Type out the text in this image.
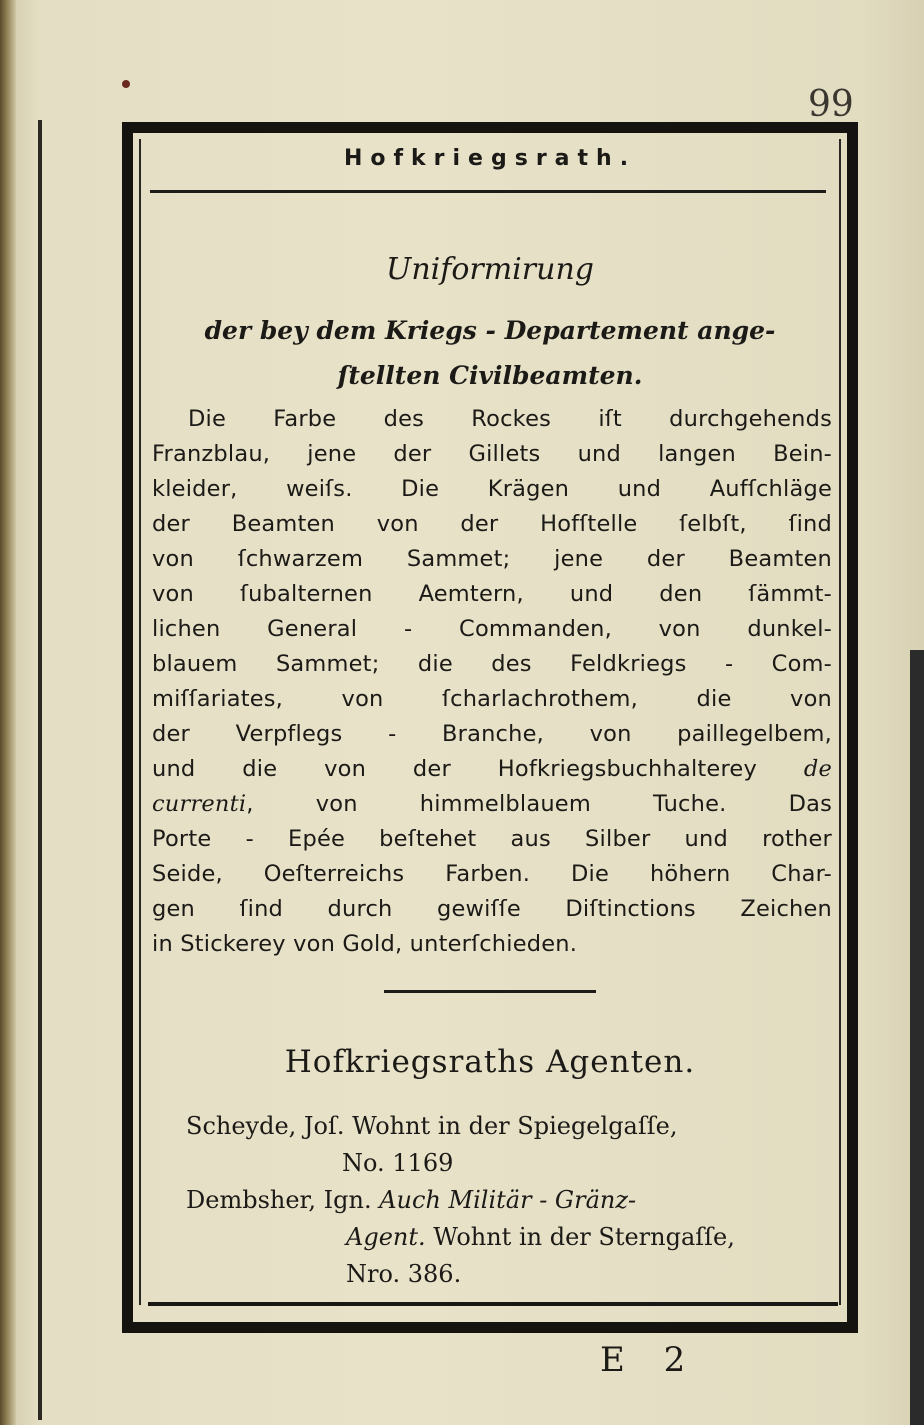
99
Hofkriegsrath.
Uniformirung
der bey dem Kriegs - Departement ange-
ſtellten Civilbeamten.
Die Farbe des Rockes iſt durchgehends
Franzblau, jene der Gillets und langen Bein-
kleider, weiſs. Die Krägen und Aufſchläge
der Beamten von der Hofſtelle ſelbſt, ſind
von ſchwarzem Sammet; jene der Beamten
von ſubalternen Aemtern, und den ſämmt-
lichen General - Commanden, von dunkel-
blauem Sammet; die des Feldkriegs - Com-
miſſariates, von ſcharlachrothem, die von
der Verpflegs - Branche, von paillegelbem,
und die von der Hofkriegsbuchhalterey de
currenti, von himmelblauem Tuche. Das
Porte - Epée beſtehet aus Silber und rother
Seide, Oeſterreichs Farben. Die höhern Char-
gen ſind durch gewiſſe Diſtinctions Zeichen
in Stickerey von Gold, unterſchieden.
Hofkriegsraths Agenten.
Scheyde, Joſ. Wohnt in der Spiegelgaſſe,
No. 1169
Dembsher, Ign. Auch Militär - Gränz-
Agent. Wohnt in der Sterngaſſe,
Nro. 386.
E 2
